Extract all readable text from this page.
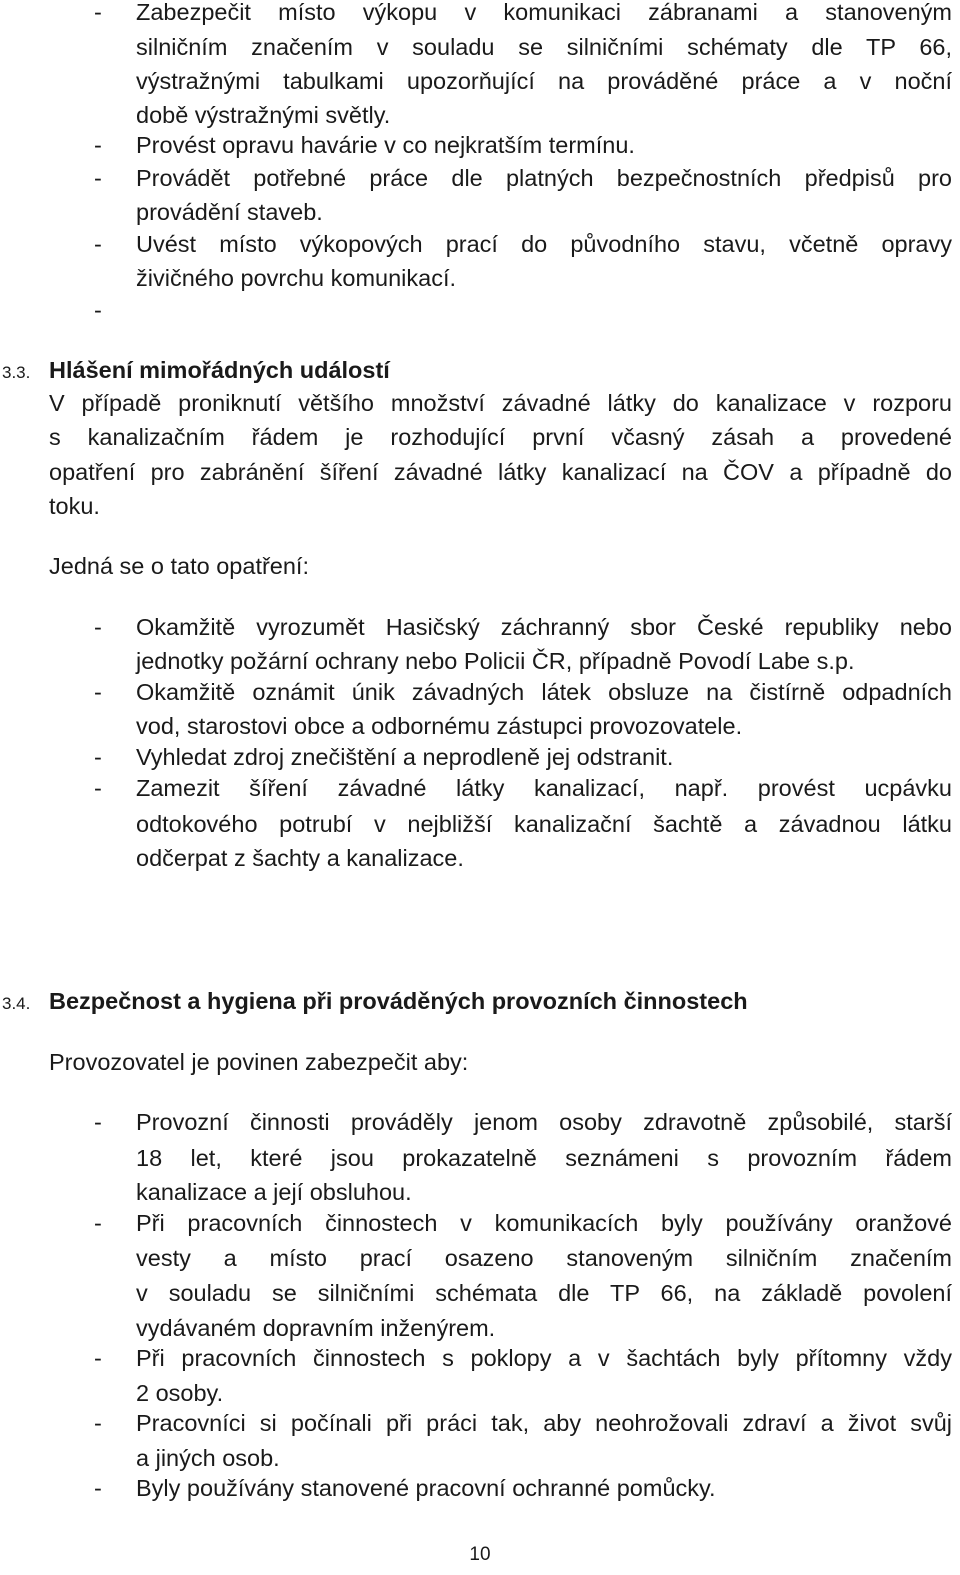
- Zabezpečit místo výkopu v komunikaci zábranami a stanoveným
silničním značením v souladu se silničními schématy dle TP 66,
výstražnými tabulkami upozorňující na prováděné práce a v noční
době výstražnými světly.
- Provést opravu havárie v co nejkratším termínu.
- Provádět potřebné práce dle platných bezpečnostních předpisů pro
provádění staveb.
- Uvést místo výkopových prací do původního stavu, včetně opravy
živičného povrchu komunikací.
-
3.3. Hlášení mimořádných událostí
V případě proniknutí většího množství závadné látky do kanalizace v rozporu
s kanalizačním řádem je rozhodující první včasný zásah a provedené
opatření pro zabránění šíření závadné látky kanalizací na ČOV a případně do
toku.
Jedná se o tato opatření:
- Okamžitě vyrozumět Hasičský záchranný sbor České republiky nebo
jednotky požární ochrany nebo Policii ČR, případně Povodí Labe s.p.
- Okamžitě oznámit únik závadných látek obsluze na čistírně odpadních
vod, starostovi obce a odbornému zástupci provozovatele.
- Vyhledat zdroj znečištění a neprodleně jej odstranit.
- Zamezit šíření závadné látky kanalizací, např. provést ucpávku
odtokového potrubí v nejbližší kanalizační šachtě a závadnou látku
odčerpat z šachty a kanalizace.
3.4. Bezpečnost a hygiena při prováděných provozních činnostech
Provozovatel je povinen zabezpečit aby:
- Provozní činnosti prováděly jenom osoby zdravotně způsobilé, starší
18 let, které jsou prokazatelně seznámeni s provozním řádem
kanalizace a její obsluhou.
- Při pracovních činnostech v komunikacích byly používány oranžové
vesty a místo prací osazeno stanoveným silničním značením
v souladu se silničními schémata dle TP 66, na základě povolení
vydávaném dopravním inženýrem.
- Při pracovních činnostech s poklopy a v šachtách byly přítomny vždy
2 osoby.
- Pracovníci si počínali při práci tak, aby neohrožovali zdraví a život svůj
a jiných osob.
- Byly používány stanovené pracovní ochranné pomůcky.
10
